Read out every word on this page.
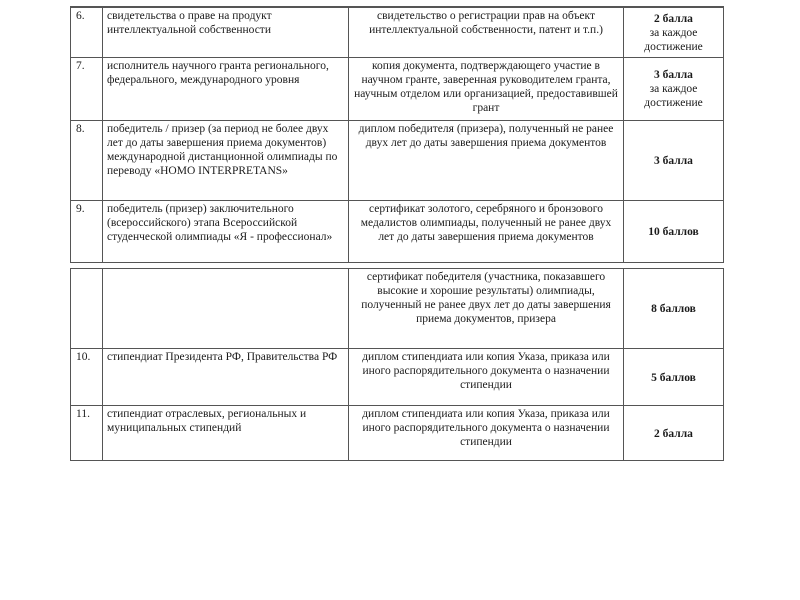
6.	свидетельства о праве на продукт интеллектуальной собственности	свидетельство о регистрации прав на объект интеллектуальной собственности, патент и т.п.)	2 балла
за каждое достижение

7.	исполнитель научного гранта регионального, федерального, международного уровня	копия документа, подтверждающего участие в научном гранте, заверенная руководителем гранта, научным отделом или организацией, предоставившей грант	3 балла
за каждое достижение

8.	победитель / призер (за период не более двух лет до даты завершения приема документов) международной дистанционной олимпиады по переводу «HOMO INTERPRETANS»	диплом победителя (призера), полученный не ранее двух лет до даты завершения приема документов	3 балла
9.	победитель (призер) заключительного (всероссийского) этапа Всероссийской студенческой олимпиады «Я - профессионал»	сертификат золотого, серебряного и бронзового медалистов олимпиады, полученный не ранее двух лет до даты завершения приема документов	10 баллов
		сертификат победителя (участника, показавшего высокие и хорошие результаты) олимпиады, полученный не ранее двух лет до даты завершения приема документов, призера	8 баллов
10.	стипендиат Президента РФ, Правительства РФ	диплом стипендиата или копия Указа, приказа или иного распорядительного документа о назначении стипендии	5 баллов
11.	стипендиат отраслевых, региональных и муниципальных стипендий	диплом стипендиата или копия Указа, приказа или иного распорядительного документа о назначении стипендии	2 балла
